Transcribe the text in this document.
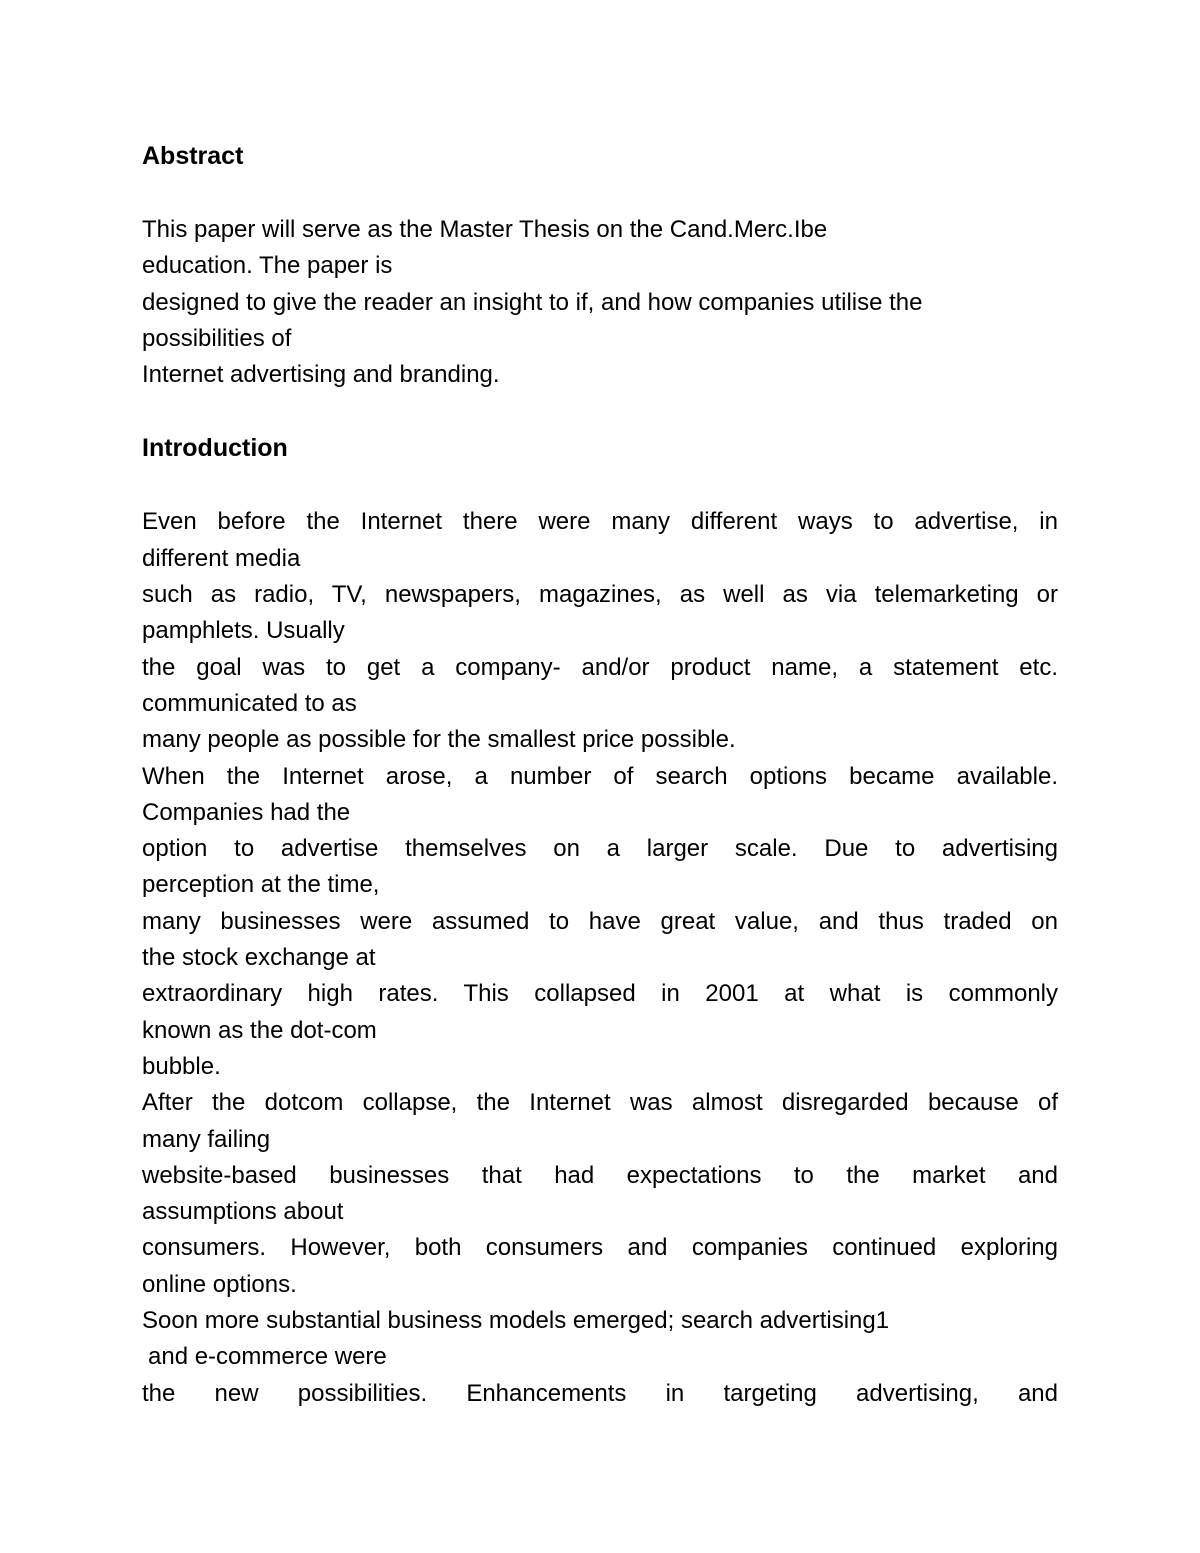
Abstract
This paper will serve as the Master Thesis on the Cand.Merc.Ibe
education. The paper is
designed to give the reader an insight to if, and how companies utilise the
possibilities of
Internet advertising and branding.
Introduction
Even before the Internet there were many different ways to advertise, in
different media
such as radio, TV, newspapers, magazines, as well as via telemarketing or
pamphlets. Usually
the goal was to get a company- and/or product name, a statement etc.
communicated to as
many people as possible for the smallest price possible.
When the Internet arose, a number of search options became available.
Companies had the
option to advertise themselves on a larger scale. Due to advertising
perception at the time,
many businesses were assumed to have great value, and thus traded on
the stock exchange at
extraordinary high rates. This collapsed in 2001 at what is commonly
known as the dot-com
bubble.
After the dotcom collapse, the Internet was almost disregarded because of
many failing
website-based businesses that had expectations to the market and
assumptions about
consumers. However, both consumers and companies continued exploring
online options.
Soon more substantial business models emerged; search advertising1
and e-commerce were
the new possibilities. Enhancements in targeting advertising, and
